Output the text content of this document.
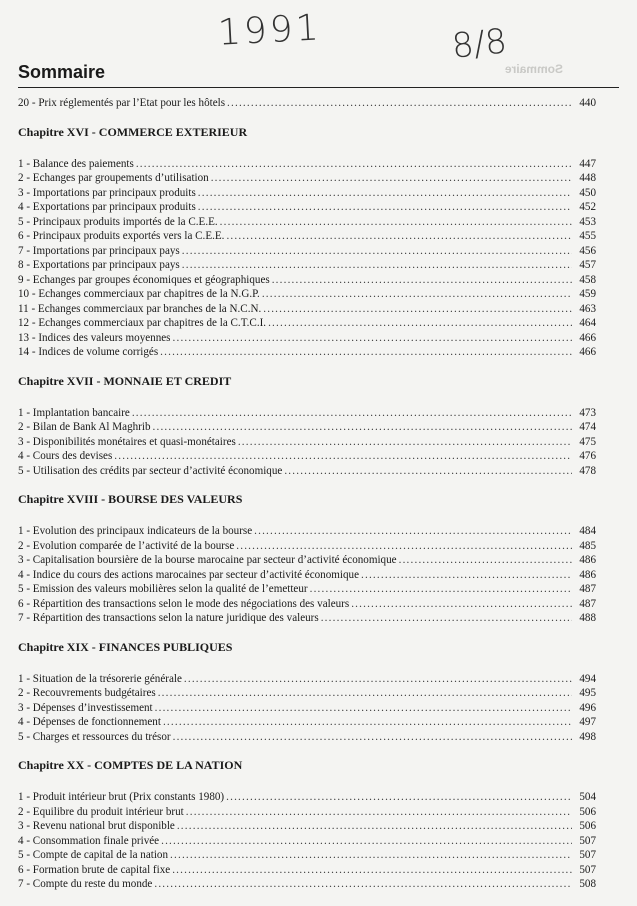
1991	8/8
Sommaire
Sommaire
20 - Prix réglementés par l’Etat pour les hôtels .....	440
Chapitre XVI - COMMERCE EXTERIEUR
1 - Balance des paiements .....	447
2 - Echanges par groupements d’utilisation .....	448
3 - Importations par principaux produits .....	450
4 - Exportations par principaux produits .....	452
5 - Principaux produits importés de la C.E.E. .....	453
6 - Principaux produits exportés vers la C.E.E. .....	455
7 - Importations par principaux pays .....	456
8 - Exportations par principaux pays .....	457
9 - Echanges par groupes économiques et géographiques .....	458
10 - Echanges commerciaux par chapitres de la N.G.P. .....	459
11 - Echanges commerciaux par branches de la N.C.N. .....	463
12 - Echanges commerciaux par chapitres de la C.T.C.I. .....	464
13 - Indices des valeurs moyennes .....	466
14 - Indices de volume corrigés .....	466
Chapitre XVII - MONNAIE ET CREDIT
1 - Implantation bancaire .....	473
2 - Bilan de Bank Al Maghrib .....	474
3 - Disponibilités monétaires et quasi-monétaires .....	475
4 - Cours des devises .....	476
5 - Utilisation des crédits par secteur d’activité économique .....	478
Chapitre XVIII - BOURSE DES VALEURS
1 - Evolution des principaux indicateurs de la bourse .....	484
2 - Evolution comparée de l’activité de la bourse .....	485
3 - Capitalisation boursière de la bourse marocaine par secteur d’activité économique .....	486
4 - Indice du cours des actions marocaines par secteur d’activité économique .....	486
5 - Emission des valeurs mobilières selon la qualité de l’emetteur .....	487
6 - Répartition des transactions selon le mode des négociations des valeurs .....	487
7 - Répartition des transactions selon la nature juridique des valeurs .....	488
Chapitre XIX - FINANCES PUBLIQUES
1 - Situation de la trésorerie générale .....	494
2 - Recouvrements budgétaires .....	495
3 - Dépenses d’investissement .....	496
4 - Dépenses de fonctionnement .....	497
5 - Charges et ressources du trésor .....	498
Chapitre XX - COMPTES DE LA NATION
1 - Produit intérieur brut (Prix constants 1980) .....	504
2 - Equilibre du produit intérieur brut .....	506
3 - Revenu national brut disponible .....	506
4 - Consommation finale privée .....	507
5 - Compte de capital de la nation .....	507
6 - Formation brute de capital fixe .....	507
7 - Compte du reste du monde .....	508
